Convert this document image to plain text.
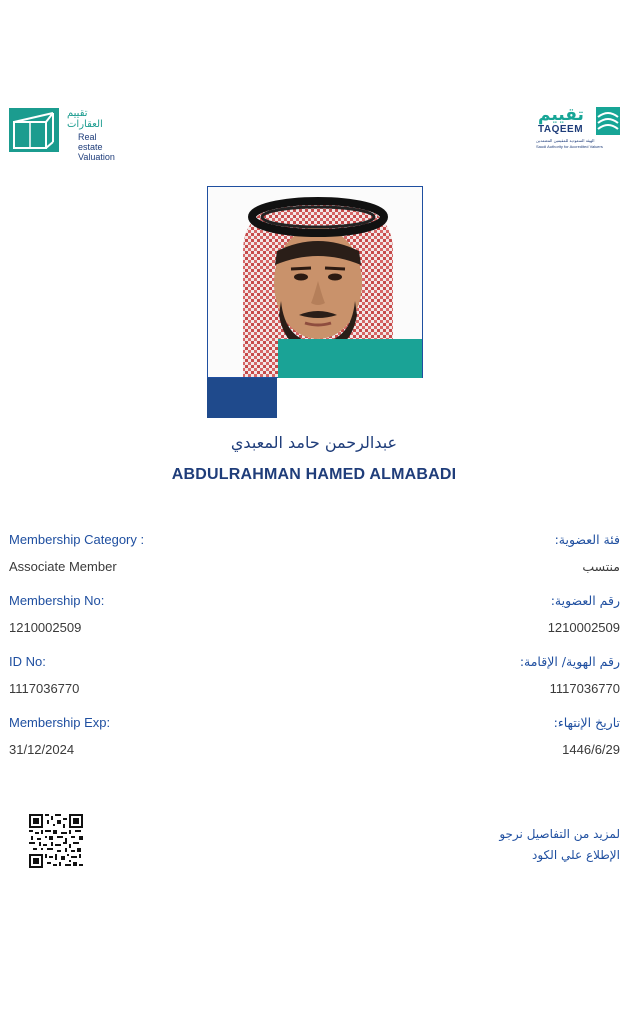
تقييم
العقارات
Real estate
Valuation
تقييم
TAQEEM
الهيئة السعودية للمقيمين المعتمدين
Saudi Authority for Accredited Valuers
عبدالرحمن حامد المعبدي
ABDULRAHMAN HAMED ALMABADI
Membership Category :	فئة العضوية:
Associate Member	منتسب
Membership No:	رقم العضوية:
1210002509	1210002509
ID No:	رقم الهوية/ الإقامة:
1117036770	1117036770
Membership Exp:	تاريخ الإنتهاء:
31/12/2024	1446/6/29
لمزيد من التفاصيل نرجو
الإطلاع علي الكود
